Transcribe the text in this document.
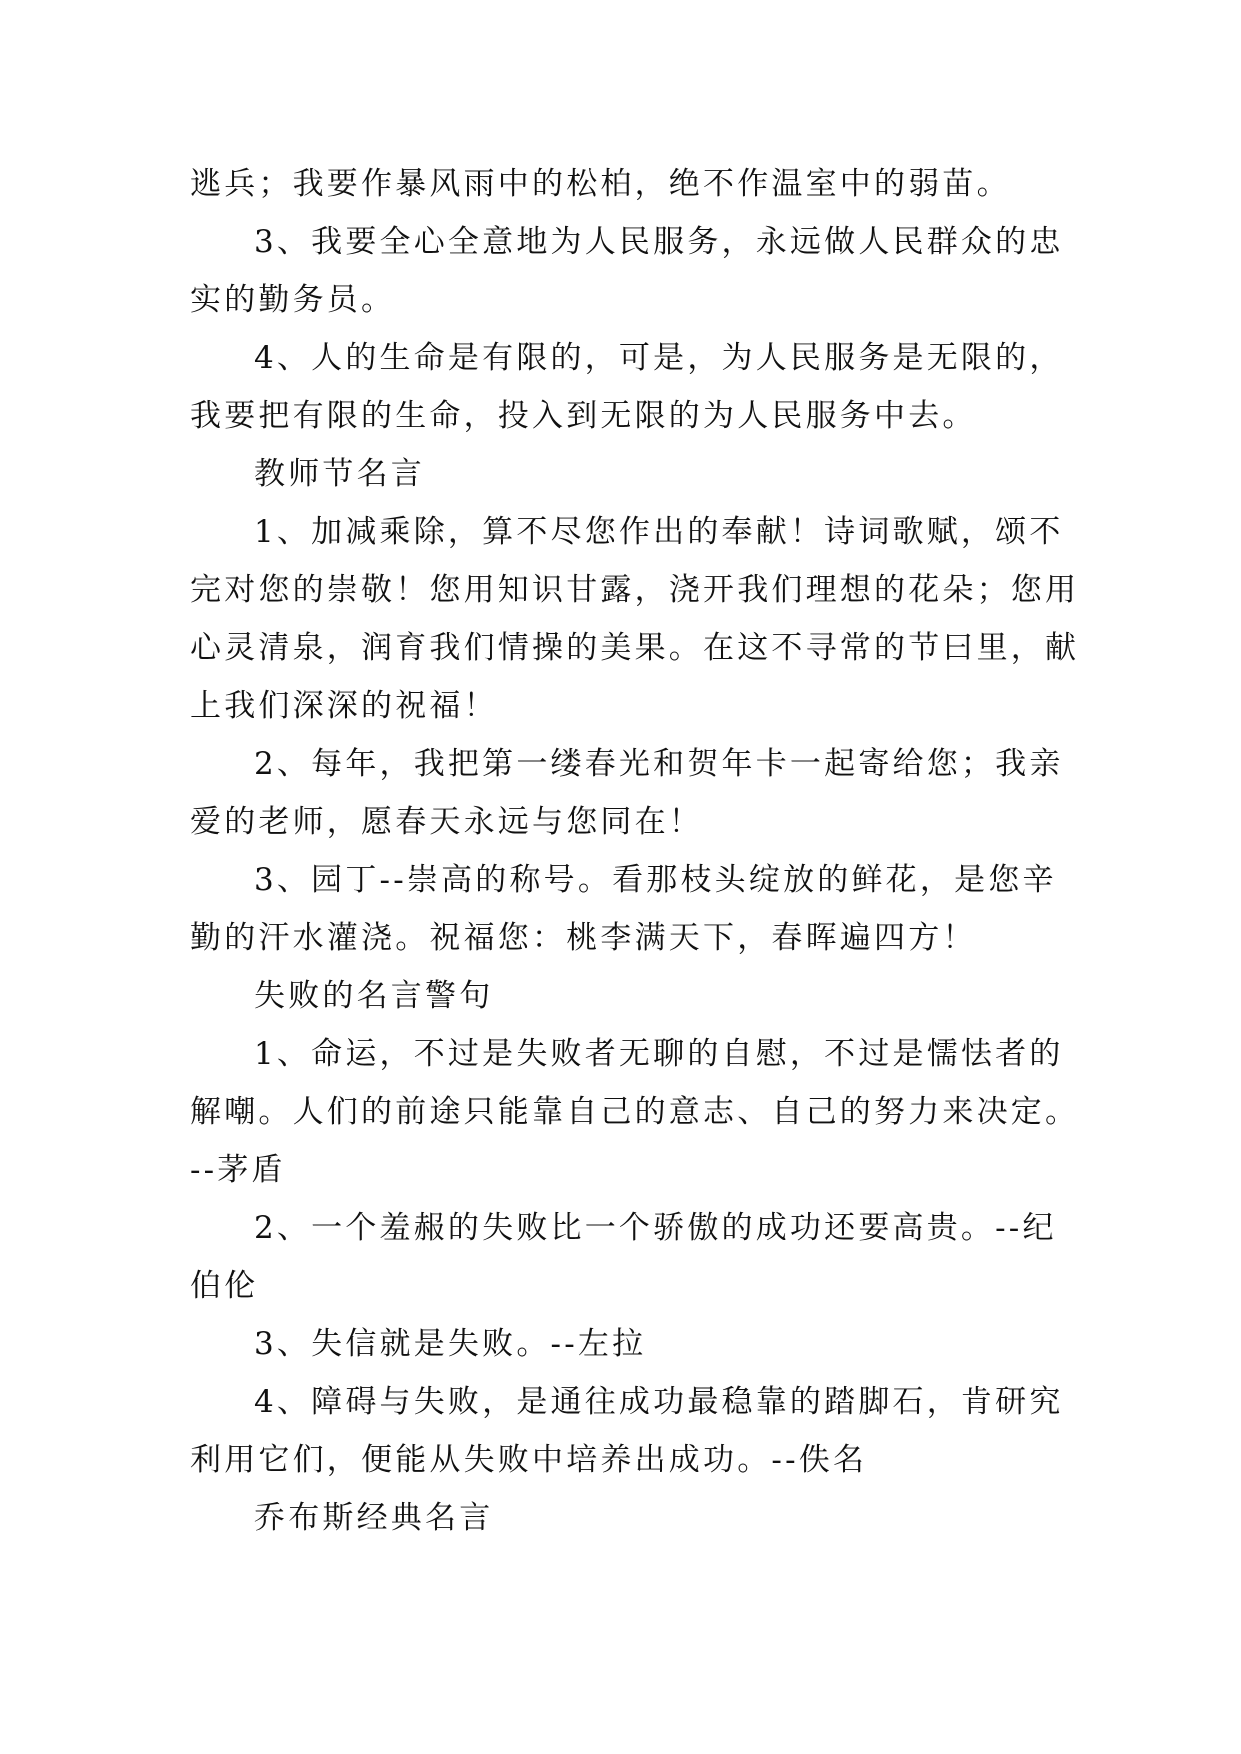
逃兵；我要作暴风雨中的松柏，绝不作温室中的弱苗。
3、我要全心全意地为人民服务，永远做人民群众的忠
实的勤务员。
4、人的生命是有限的，可是，为人民服务是无限的，
我要把有限的生命，投入到无限的为人民服务中去。
教师节名言
1、加减乘除，算不尽您作出的奉献！诗词歌赋，颂不
完对您的崇敬！您用知识甘露，浇开我们理想的花朵；您用
心灵清泉，润育我们情操的美果。在这不寻常的节曰里，献
上我们深深的祝福！
2、每年，我把第一缕春光和贺年卡一起寄给您；我亲
爱的老师，愿春天永远与您同在！
3、园丁--崇高的称号。看那枝头绽放的鲜花，是您辛
勤的汗水灌浇。祝福您：桃李满天下，春晖遍四方！
失败的名言警句
1、命运，不过是失败者无聊的自慰，不过是懦怯者的
解嘲。人们的前途只能靠自己的意志、自己的努力来决定。
--茅盾
2、一个羞赧的失败比一个骄傲的成功还要高贵。--纪
伯伦
3、失信就是失败。--左拉
4、障碍与失败，是通往成功最稳靠的踏脚石，肯研究
利用它们，便能从失败中培养出成功。--佚名
乔布斯经典名言
